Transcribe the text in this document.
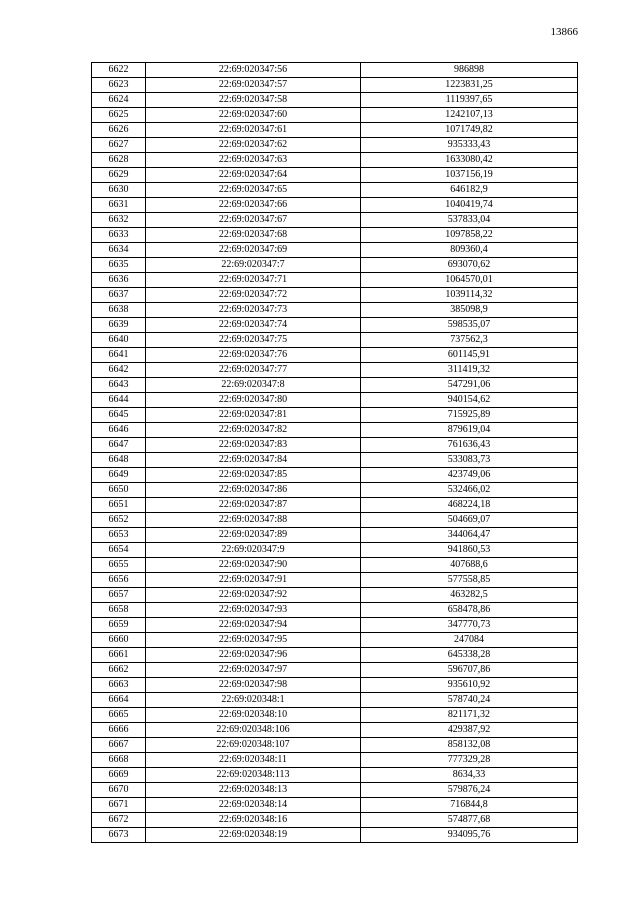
13866
6622	22:69:020347:56	986898
6623	22:69:020347:57	1223831,25
6624	22:69:020347:58	1119397,65
6625	22:69:020347:60	1242107,13
6626	22:69:020347:61	1071749,82
6627	22:69:020347:62	935333,43
6628	22:69:020347:63	1633080,42
6629	22:69:020347:64	1037156,19
6630	22:69:020347:65	646182,9
6631	22:69:020347:66	1040419,74
6632	22:69:020347:67	537833,04
6633	22:69:020347:68	1097858,22
6634	22:69:020347:69	809360,4
6635	22:69:020347:7	693070,62
6636	22:69:020347:71	1064570,01
6637	22:69:020347:72	1039114,32
6638	22:69:020347:73	385098,9
6639	22:69:020347:74	598535,07
6640	22:69:020347:75	737562,3
6641	22:69:020347:76	601145,91
6642	22:69:020347:77	311419,32
6643	22:69:020347:8	547291,06
6644	22:69:020347:80	940154,62
6645	22:69:020347:81	715925,89
6646	22:69:020347:82	879619,04
6647	22:69:020347:83	761636,43
6648	22:69:020347:84	533083,73
6649	22:69:020347:85	423749,06
6650	22:69:020347:86	532466,02
6651	22:69:020347:87	468224,18
6652	22:69:020347:88	504669,07
6653	22:69:020347:89	344064,47
6654	22:69:020347:9	941860,53
6655	22:69:020347:90	407688,6
6656	22:69:020347:91	577558,85
6657	22:69:020347:92	463282,5
6658	22:69:020347:93	658478,86
6659	22:69:020347:94	347770,73
6660	22:69:020347:95	247084
6661	22:69:020347:96	645338,28
6662	22:69:020347:97	596707,86
6663	22:69:020347:98	935610,92
6664	22:69:020348:1	578740,24
6665	22:69:020348:10	821171,32
6666	22:69:020348:106	429387,92
6667	22:69:020348:107	858132,08
6668	22:69:020348:11	777329,28
6669	22:69:020348:113	8634,33
6670	22:69:020348:13	579876,24
6671	22:69:020348:14	716844,8
6672	22:69:020348:16	574877,68
6673	22:69:020348:19	934095,76
